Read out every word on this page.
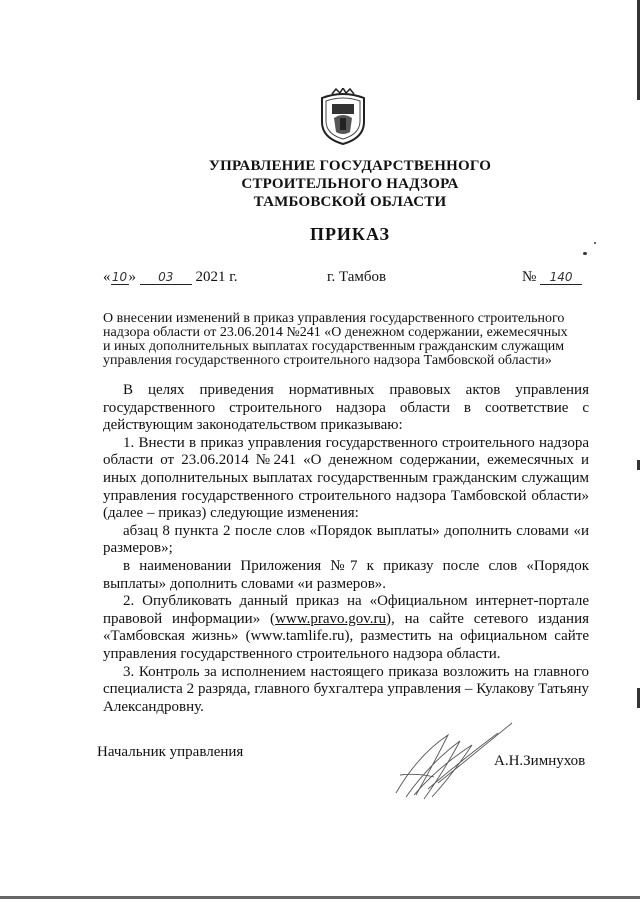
УПРАВЛЕНИЕ ГОСУДАРСТВЕННОГО
СТРОИТЕЛЬНОГО НАДЗОРА
ТАМБОВСКОЙ ОБЛАСТИ
ПРИКАЗ
«10» 03 2021 г.	г. Тамбов	№ 140

О внесении изменений в приказ управления государственного строительного

надзора области от 23.06.2014 №241 «О денежном содержании, ежемесячных

и иных дополнительных выплатах государственным гражданским служащим

управления государственного строительного надзора Тамбовской области»

В целях приведения нормативных правовых актов управления государственного строительного надзора области в соответствие с действующим законодательством приказываю:

1. Внести в приказ управления государственного строительного надзора области от 23.06.2014 №241 «О денежном содержании, ежемесячных и иных дополнительных выплатах государственным гражданским служащим управления государственного строительного надзора Тамбовской области» (далее – приказ) следующие изменения:

абзац 8 пункта 2 после слов «Порядок выплаты» дополнить словами «и размеров»;

в наименовании Приложения №7 к приказу после слов «Порядок выплаты» дополнить словами «и размеров».

2. Опубликовать данный приказ на «Официальном интернет-портале правовой информации» (www.pravo.gov.ru), на сайте сетевого издания «Тамбовская жизнь» (www.tamlife.ru), разместить на официальном сайте управления государственного строительного надзора области.

3. Контроль за исполнением настоящего приказа возложить на главного специалиста 2 разряда, главного бухгалтера управления – Кулакову Татьяну Александровну.

Начальник управления
А.Н.Зимнухов
